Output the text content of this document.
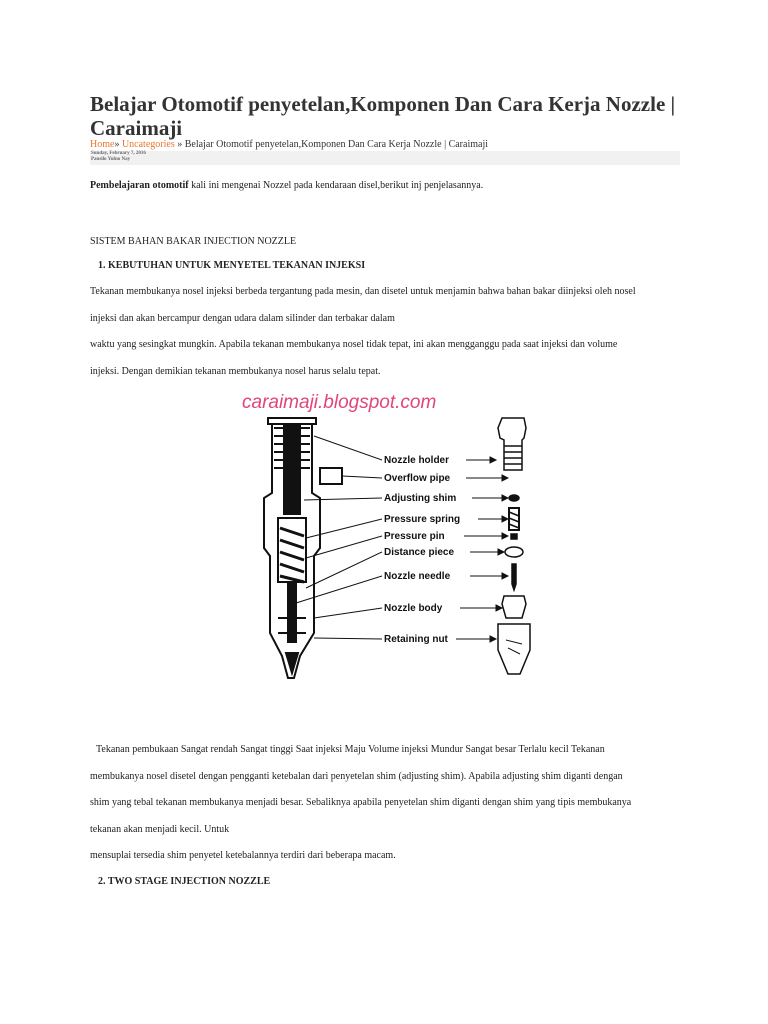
Belajar Otomotif penyetelan,Komponen Dan Cara Kerja Nozzle | Caraimaji
Home» Uncategories » Belajar Otomotif penyetelan,Komponen Dan Cara Kerja Nozzle | Caraimaji
Sunday, February 7, 2016
Pansilo Yulno Nay
Pembelajaran otomotif kali ini mengenai Nozzel pada kendaraan disel,berikut inj penjelasannya.
SISTEM BAHAN BAKAR INJECTION NOZZLE
1. KEBUTUHAN UNTUK MENYETEL TEKANAN INJEKSI
Tekanan membukanya nosel injeksi berbeda tergantung pada mesin, dan disetel untuk menjamin bahwa bahan bakar diinjeksi oleh nosel
injeksi dan akan bercampur dengan udara dalam silinder dan terbakar dalam
waktu yang sesingkat mungkin. Apabila tekanan membukanya nosel tidak tepat, ini akan mengganggu pada saat injeksi dan volume
injeksi. Dengan demikian tekanan membukanya nosel harus selalu tepat.
caraimaji.blogspot.com
Nozzle holder
Overflow pipe
Adjusting shim
Pressure spring
Pressure pin
Distance piece
Nozzle needle
Nozzle body
Retaining nut
Tekanan pembukaan Sangat rendah Sangat tinggi Saat injeksi Maju Volume injeksi Mundur Sangat besar Terlalu kecil Tekanan
membukanya nosel disetel dengan pengganti ketebalan dari penyetelan shim (adjusting shim). Apabila adjusting shim diganti dengan
shim yang tebal tekanan membukanya menjadi besar. Sebaliknya apabila penyetelan shim diganti dengan shim yang tipis membukanya
tekanan akan menjadi kecil. Untuk
mensuplai tersedia shim penyetel ketebalannya terdiri dari beberapa macam.
2. TWO STAGE INJECTION NOZZLE
